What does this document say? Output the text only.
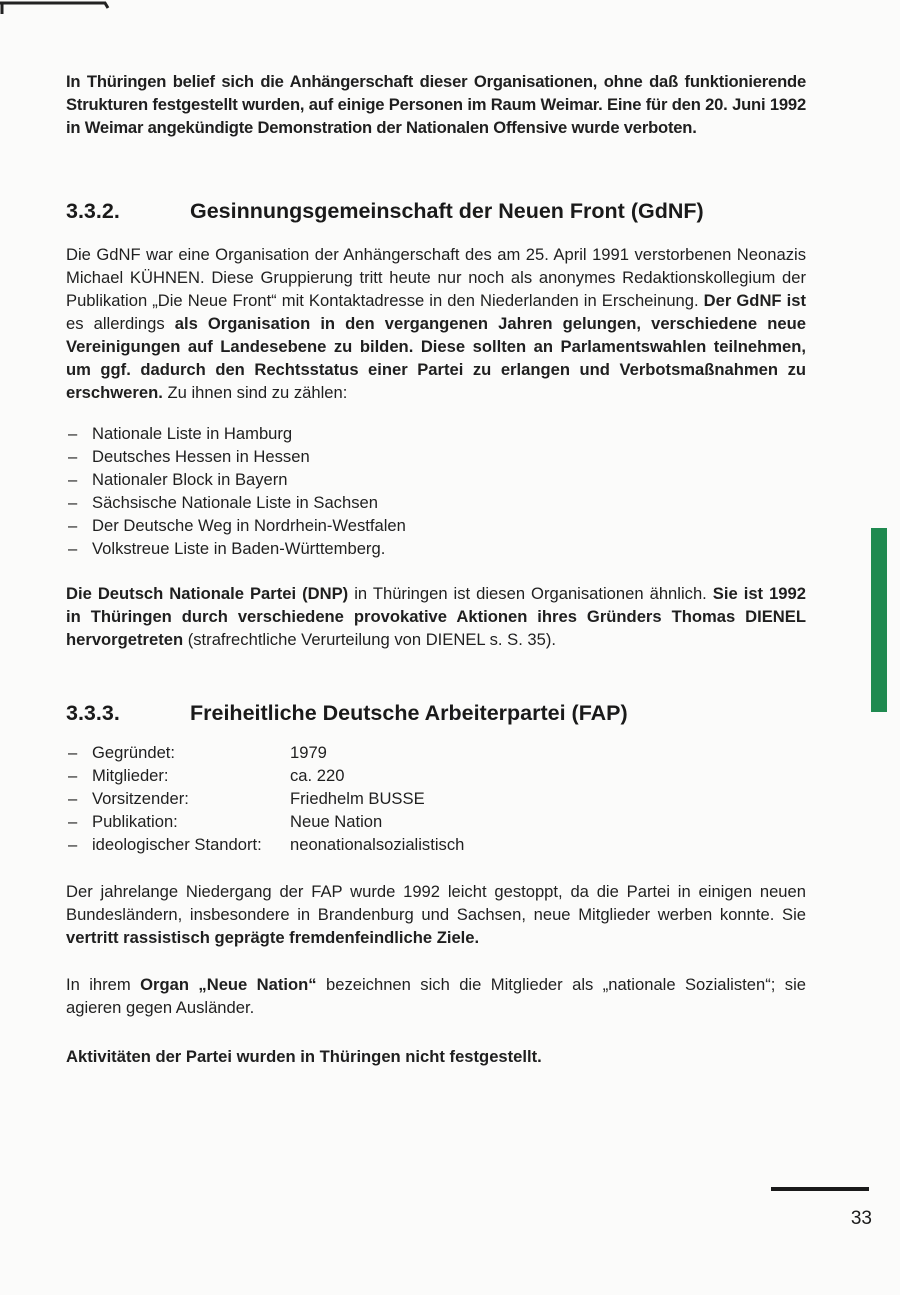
In Thüringen belief sich die Anhängerschaft dieser Organisationen, ohne daß funktionierende Strukturen festgestellt wurden, auf einige Personen im Raum Weimar. Eine für den 20. Juni 1992 in Weimar angekündigte Demonstration der Nationalen Offensive wurde verboten.

3.3.2.	Gesinnungsgemeinschaft der Neuen Front (GdNF)

Die GdNF war eine Organisation der Anhängerschaft des am 25. April 1991 verstorbenen Neonazis Michael KÜHNEN. Diese Gruppierung tritt heute nur noch als anonymes Redaktionskollegium der Publikation „Die Neue Front“ mit Kontaktadresse in den Niederlanden in Erscheinung. Der GdNF ist es allerdings als Organisation in den vergangenen Jahren gelungen, verschiedene neue Vereinigungen auf Landesebene zu bilden. Diese sollten an Parlamentswahlen teilnehmen, um ggf. dadurch den Rechtsstatus einer Partei zu erlangen und Verbotsmaßnahmen zu erschweren. Zu ihnen sind zu zählen:

– Nationale Liste in Hamburg
– Deutsches Hessen in Hessen
– Nationaler Block in Bayern
– Sächsische Nationale Liste in Sachsen
– Der Deutsche Weg in Nordrhein-Westfalen
– Volkstreue Liste in Baden-Württemberg.

Die Deutsch Nationale Partei (DNP) in Thüringen ist diesen Organisationen ähnlich. Sie ist 1992 in Thüringen durch verschiedene provokative Aktionen ihres Gründers Thomas DIENEL hervorgetreten (strafrechtliche Verurteilung von DIENEL s. S. 35).

3.3.3.	Freiheitliche Deutsche Arbeiterpartei (FAP)
– Gegründet:	1979
– Mitglieder:	ca. 220
– Vorsitzender:	Friedhelm BUSSE
– Publikation:	Neue Nation
– ideologischer Standort:	neonationalsozialistisch

Der jahrelange Niedergang der FAP wurde 1992 leicht gestoppt, da die Partei in einigen neuen Bundesländern, insbesondere in Brandenburg und Sachsen, neue Mitglieder werben konnte. Sie vertritt rassistisch geprägte fremdenfeindliche Ziele.

In ihrem Organ „Neue Nation“ bezeichnen sich die Mitglieder als „nationale Sozialisten“; sie agieren gegen Ausländer.

Aktivitäten der Partei wurden in Thüringen nicht festgestellt.

33
